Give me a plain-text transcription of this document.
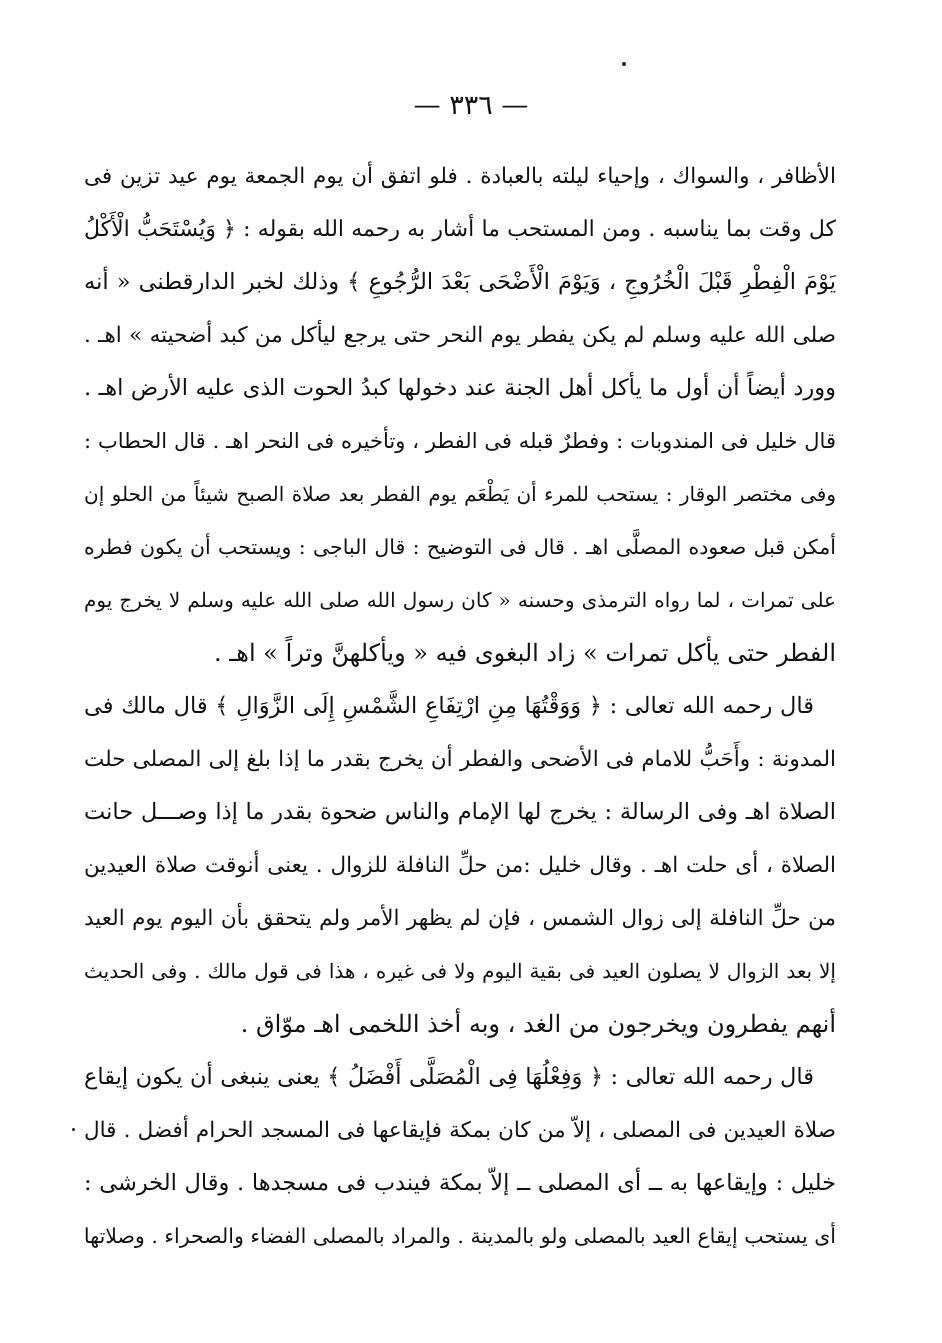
— ٣٣٦ —
الأظافر ، والسواك ، وإحياء ليلته بالعبادة . فلو اتفق أن يوم الجمعة يوم عيد تزين فى
كل وقت بما يناسبه . ومن المستحب ما أشار به رحمه الله بقوله : ﴿ وَيُسْتَحَبُّ الْأَكْلُ
يَوْمَ الْفِطْرِ قَبْلَ الْخُرُوجِ ، وَيَوْمَ الْأَضْحَى بَعْدَ الرُّجُوعِ ﴾ وذلك لخبر الدارقطنى « أنه
صلى الله عليه وسلم لم يكن يفطر يوم النحر حتى يرجع ليأكل من كبد أضحيته » اهـ .
وورد أيضاً أن أول ما يأكل أهل الجنة عند دخولها كبدُ الحوت الذى عليه الأرض اهـ .
قال خليل فى المندوبات : وفطرٌ قبله فى الفطر ، وتأخيره فى النحر اهـ . قال الحطاب :
وفى مختصر الوقار : يستحب للمرء أن يَطْعَم يوم الفطر بعد صلاة الصبح شيئاً من الحلو إن
أمكن قبل صعوده المصلَّى اهـ . قال فى التوضيح : قال الباجى : ويستحب أن يكون فطره
على تمرات ، لما رواه الترمذى وحسنه « كان رسول الله صلى الله عليه وسلم لا يخرج يوم
الفطر حتى يأكل تمرات » زاد البغوى فيه « ويأكلهنَّ وتراً » اهـ .
قال رحمه الله تعالى : ﴿ وَوَقْتُهَا مِنِ ارْتِفَاعِ الشَّمْسِ إِلَى الزَّوَالِ ﴾ قال مالك فى
المدونة : وأَحَبُّ للامام فى الأضحى والفطر أن يخرج بقدر ما إذا بلغ إلى المصلى حلت
الصلاة اهـ وفى الرسالة : يخرج لها الإمام والناس ضحوة بقدر ما إذا وصـــل حانت
الصلاة ، أى حلت اهـ . وقال خليل :من حلِّ النافلة للزوال . يعنى أنوقت صلاة العيدين
من حلِّ النافلة إلى زوال الشمس ، فإن لم يظهر الأمر ولم يتحقق بأن اليوم يوم العيد
إلا بعد الزوال لا يصلون العيد فى بقية اليوم ولا فى غيره ، هذا فى قول مالك . وفى الحديث
أنهم يفطرون ويخرجون من الغد ، وبه أخذ اللخمى اهـ موّاق .
قال رحمه الله تعالى : ﴿ وَفِعْلُهَا فِى الْمُصَلَّى أَفْضَلُ ﴾ يعنى ينبغى أن يكون إيقاع
صلاة العيدين فى المصلى ، إلاّ من كان بمكة فإيقاعها فى المسجد الحرام أفضل . قال
خليل : وإيقاعها به ــ أى المصلى ــ إلاّ بمكة فيندب فى مسجدها . وقال الخرشى :
أى يستحب إيقاع العيد بالمصلى ولو بالمدينة . والمراد بالمصلى الفضاء والصحراء . وصلاتها
